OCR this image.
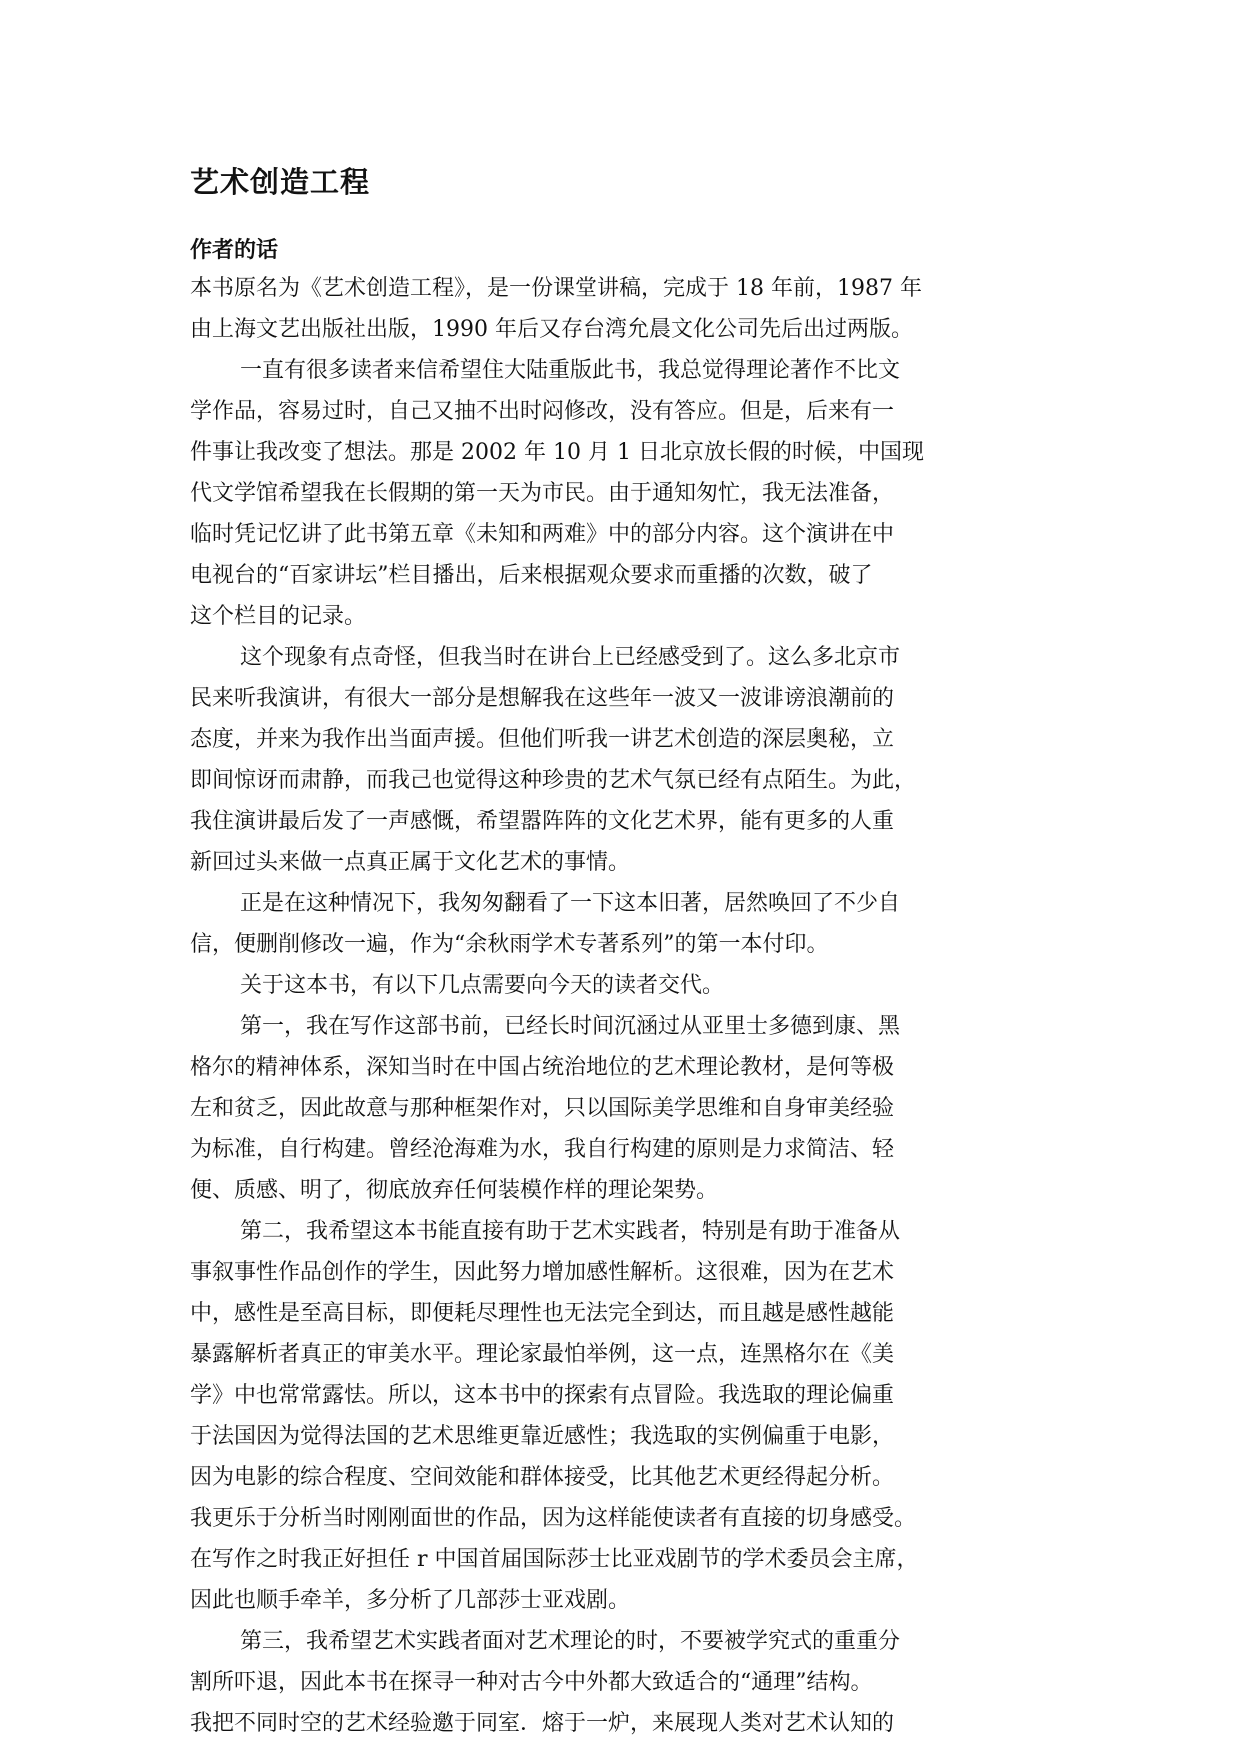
艺术创造工程
作者的话

本书原名为《艺术创造工程》，是一份课堂讲稿，完成于 18 年前，1987 年
由上海文艺出版社出版，1990 年后又存台湾允晨文化公司先后出过两版。

一直有很多读者来信希望住大陆重版此书，我总觉得理论著作不比文
学作品，容易过时，自己又抽不出时闷修改，没有答应。但是，后来有一
件事让我改变了想法。那是 2002 年 10 月 1 日北京放长假的时候，中国现
代文学馆希望我在长假期的第一天为市民。由于通知匆忙，我无法准备，
临时凭记忆讲了此书第五章《未知和两难》中的部分内容。这个演讲在中
电视台的“百家讲坛”栏目播出，后来根据观众要求而重播的次数，破了
这个栏目的记录。

这个现象有点奇怪，但我当时在讲台上已经感受到了。这么多北京市
民来听我演讲，有很大一部分是想解我在这些年一波又一波诽谤浪潮前的
态度，并来为我作出当面声援。但他们听我一讲艺术创造的深层奥秘，立
即间惊讶而肃静，而我己也觉得这种珍贵的艺术气氛已经有点陌生。为此，
我住演讲最后发了一声感慨，希望嚣阵阵的文化艺术界，能有更多的人重
新回过头来做一点真正属于文化艺术的事情。

正是在这种情况下，我匆匆翻看了一下这本旧著，居然唤回了不少自
信，便删削修改一遍，作为“余秋雨学术专著系列”的第一本付印。

关于这本书，有以下几点需要向今天的读者交代。

第一，我在写作这部书前，已经长时间沉涵过从亚里士多德到康、黑
格尔的精神体系，深知当时在中国占统治地位的艺术理论教材，是何等极
左和贫乏，因此故意与那种框架作对，只以国际美学思维和自身审美经验
为标准，自行构建。曾经沧海难为水，我自行构建的原则是力求简洁、轻
便、质感、明了，彻底放弃任何装模作样的理论架势。

第二，我希望这本书能直接有助于艺术实践者，特别是有助于准备从
事叙事性作品创作的学生，因此努力增加感性解析。这很难，因为在艺术
中，感性是至高目标，即便耗尽理性也无法完全到达，而且越是感性越能
暴露解析者真正的审美水平。理论家最怕举例，这一点，连黑格尔在《美
学》中也常常露怯。所以，这本书中的探索有点冒险。我选取的理论偏重
于法国因为觉得法国的艺术思维更靠近感性；我选取的实例偏重于电影，
因为电影的综合程度、空间效能和群体接受，比其他艺术更经得起分析。
我更乐于分析当时刚刚面世的作品，因为这样能使读者有直接的切身感受。
在写作之时我正好担任 r 中国首届国际莎士比亚戏剧节的学术委员会主席，
因此也顺手牵羊，多分析了几部莎士亚戏剧。

第三，我希望艺术实践者面对艺术理论的时，不要被学究式的重重分
割所吓退，因此本书在探寻一种对古今中外都大致适合的“通理”结构。
我把不同时空的艺术经验邀于同室．熔于一炉，来展现人类对艺术认知的
